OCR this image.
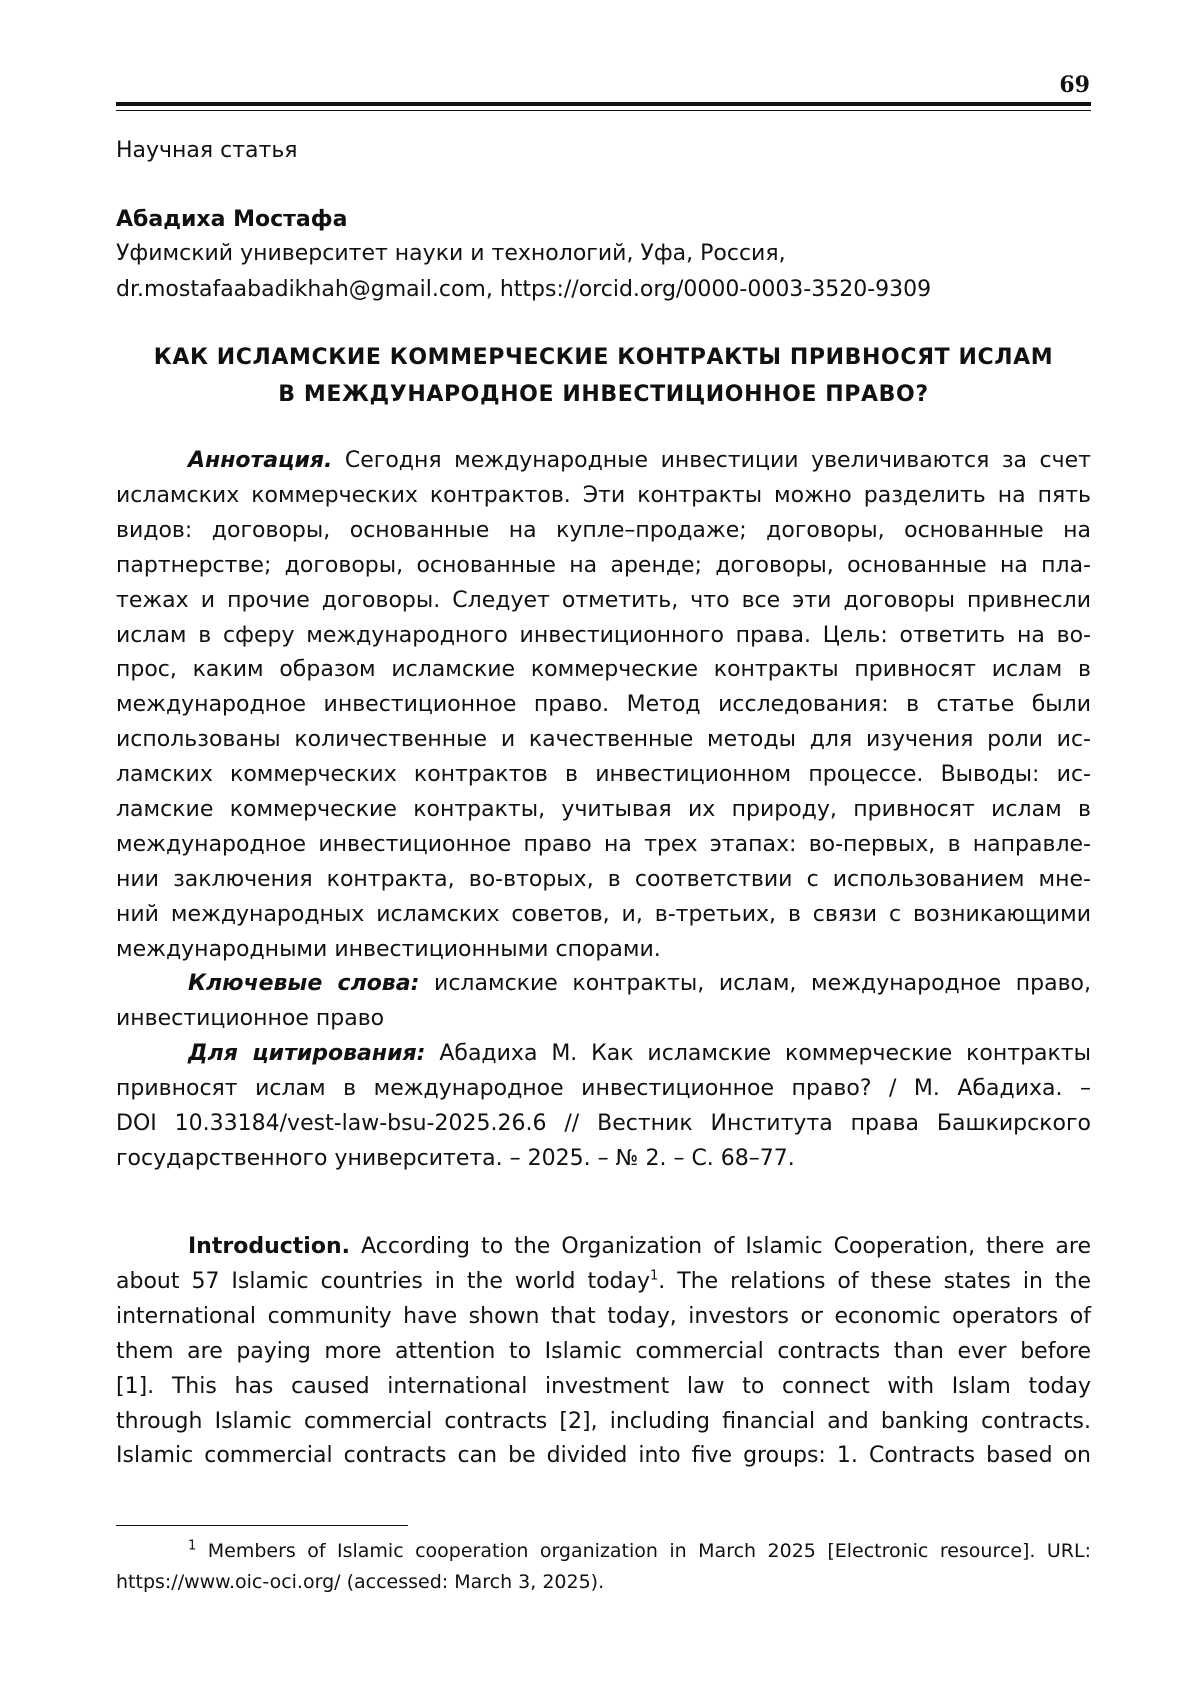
69
Научная статья
Абадиха Мостафа
Уфимский университет науки и технологий, Уфа, Россия,
dr.mostafaabadikhah@gmail.com, https://orcid.org/0000-0003-3520-9309
КАК ИСЛАМСКИЕ КОММЕРЧЕСКИЕ КОНТРАКТЫ ПРИВНОСЯТ ИСЛАМ
В МЕЖДУНАРОДНОЕ ИНВЕСТИЦИОННОЕ ПРАВО?
Аннотация. Сегодня международные инвестиции увеличиваются за счет
исламских коммерческих контрактов. Эти контракты можно разделить на пять
видов: договоры, основанные на купле–продаже; договоры, основанные на
партнерстве; договоры, основанные на аренде; договоры, основанные на пла-
тежах и прочие договоры. Следует отметить, что все эти договоры привнесли
ислам в сферу международного инвестиционного права. Цель: ответить на во-
прос, каким образом исламские коммерческие контракты привносят ислам в
международное инвестиционное право. Метод исследования: в статье были
использованы количественные и качественные методы для изучения роли ис-
ламских коммерческих контрактов в инвестиционном процессе. Выводы: ис-
ламские коммерческие контракты, учитывая их природу, привносят ислам в
международное инвестиционное право на трех этапах: во-первых, в направле-
нии заключения контракта, во-вторых, в соответствии с использованием мне-
ний международных исламских советов, и, в-третьих, в связи с возникающими
международными инвестиционными спорами.
Ключевые слова: исламские контракты, ислам, международное право,
инвестиционное право
Для цитирования: Абадиха М. Как исламские коммерческие контракты
привносят ислам в международное инвестиционное право? / М. Абадиха. –
DOI 10.33184/vest-law-bsu-2025.26.6 // Вестник Института права Башкирского
государственного университета. – 2025. – № 2. – С. 68–77.
Introduction. According to the Organization of Islamic Cooperation, there are
about 57 Islamic countries in the world today$^1$. The relations of these states in the
international community have shown that today, investors or economic operators of
them are paying more attention to Islamic commercial contracts than ever before
[1]. This has caused international investment law to connect with Islam today
through Islamic commercial contracts [2], including financial and banking contracts.
Islamic commercial contracts can be divided into five groups: 1. Contracts based on
$^1$ Members of Islamic cooperation organization in March 2025 [Electronic resource]. URL:
https://www.oic-oci.org/ (accessed: March 3, 2025).
